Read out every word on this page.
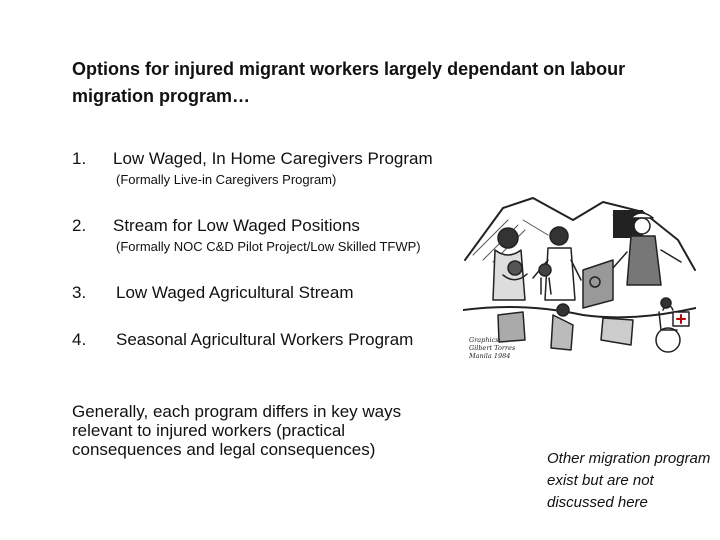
Options for injured migrant workers largely dependant on labour migration program…
1. Low Waged, In Home Caregivers Program
(Formally Live-in Caregivers Program)
2. Stream for Low Waged Positions
(Formally NOC C&D Pilot Project/Low Skilled TFWP)
3. Low Waged Agricultural Stream
4. Seasonal Agricultural Workers Program	Graphics:
Gilbert Torres
Manila 1984
Generally, each program differs in key ways relevant to injured workers (practical consequences and legal consequences)	Other migration program exist but are not discussed here
